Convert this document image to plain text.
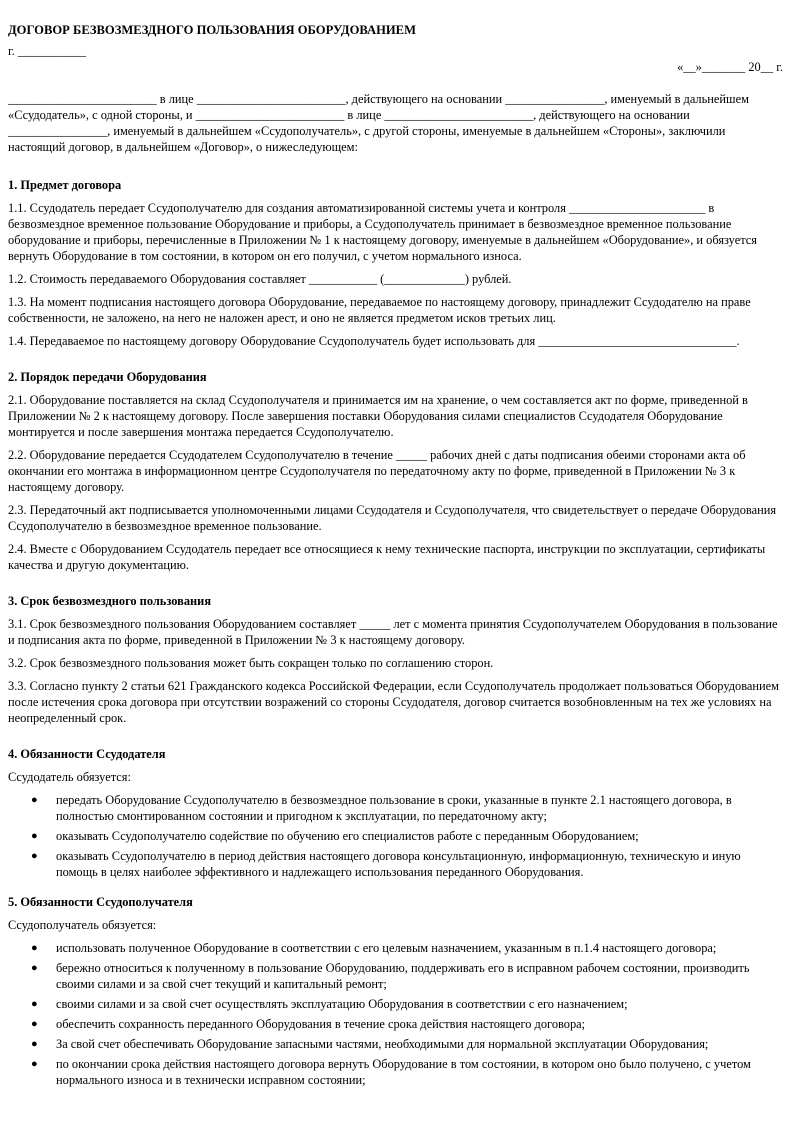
ДОГОВОР БЕЗВОЗМЕЗДНОГО ПОЛЬЗОВАНИЯ ОБОРУДОВАНИЕМ

г. ___________

«__»_______ 20__ г.

________________________ в лице ________________________, действующего на основании ________________, именуемый в дальнейшем «Ссудодатель», с одной стороны, и ________________________ в лице ________________________, действующего на основании ________________, именуемый в дальнейшем «Ссудополучатель», с другой стороны, именуемые в дальнейшем «Стороны», заключили настоящий договор, в дальнейшем «Договор», о нижеследующем:

1. Предмет договора

1.1. Ссудодатель передает Ссудополучателю для создания автоматизированной системы учета и контроля ______________________ в безвозмездное временное пользование Оборудование и приборы, а Ссудополучатель принимает в безвозмездное временное пользование оборудование и приборы, перечисленные в Приложении № 1 к настоящему договору, именуемые в дальнейшем «Оборудование», и обязуется вернуть Оборудование в том состоянии, в котором он его получил, с учетом нормального износа.

1.2. Стоимость передаваемого Оборудования составляет ___________ (_____________) рублей.

1.3. На момент подписания настоящего договора Оборудование, передаваемое по настоящему договору, принадлежит Ссудодателю на праве собственности, не заложено, на него не наложен арест, и оно не является предметом исков третьих лиц.

1.4. Передаваемое по настоящему договору Оборудование Ссудополучатель будет использовать для ________________________________.

2. Порядок передачи Оборудования

2.1. Оборудование поставляется на склад Ссудополучателя и принимается им на хранение, о чем составляется акт по форме, приведенной в Приложении № 2 к настоящему договору. После завершения поставки Оборудования силами специалистов Ссудодателя Оборудование монтируется и после завершения монтажа передается Ссудополучателю.

2.2. Оборудование передается Ссудодателем Ссудополучателю в течение _____ рабочих дней с даты подписания обеими сторонами акта об окончании его монтажа в информационном центре Ссудополучателя по передаточному акту по форме, приведенной в Приложении № 3 к настоящему договору.

2.3. Передаточный акт подписывается уполномоченными лицами Ссудодателя и Ссудополучателя, что свидетельствует о передаче Оборудования Ссудополучателю в безвозмездное временное пользование.

2.4. Вместе с Оборудованием Ссудодатель передает все относящиеся к нему технические паспорта, инструкции по эксплуатации, сертификаты качества и другую документацию.

3. Срок безвозмездного пользования

3.1. Срок безвозмездного пользования Оборудованием составляет _____ лет с момента принятия Ссудополучателем Оборудования в пользование и подписания акта по форме, приведенной в Приложении № 3 к настоящему договору.

3.2. Срок безвозмездного пользования может быть сокращен только по соглашению сторон.

3.3. Согласно пункту 2 статьи 621 Гражданского кодекса Российской Федерации, если Ссудополучатель продолжает пользоваться Оборудованием после истечения срока договора при отсутствии возражений со стороны Ссудодателя, договор считается возобновленным на тех же условиях на неопределенный срок.

4. Обязанности Ссудодателя

Ссудодатель обязуется:

● передать Оборудование Ссудополучателю в безвозмездное пользование в сроки, указанные в пункте 2.1 настоящего договора, в полностью смонтированном состоянии и пригодном к эксплуатации, по передаточному акту;
● оказывать Ссудополучателю содействие по обучению его специалистов работе с переданным Оборудованием;
● оказывать Ссудополучателю в период действия настоящего договора консультационную, информационную, техническую и иную помощь в целях наиболее эффективного и надлежащего использования переданного Оборудования.
5. Обязанности Ссудополучателя

Ссудополучатель обязуется:

● использовать полученное Оборудование в соответствии с его целевым назначением, указанным в п.1.4 настоящего договора;
● бережно относиться к полученному в пользование Оборудованию, поддерживать его в исправном рабочем состоянии, производить своими силами и за свой счет текущий и капитальный ремонт;
● своими силами и за свой счет осуществлять эксплуатацию Оборудования в соответствии с его назначением;
● обеспечить сохранность переданного Оборудования в течение срока действия настоящего договора;
● За свой счет обеспечивать Оборудование запасными частями, необходимыми для нормальной эксплуатации Оборудования;
● по окончании срока действия настоящего договора вернуть Оборудование в том состоянии, в котором оно было получено, с учетом нормального износа и в технически исправном состоянии;
